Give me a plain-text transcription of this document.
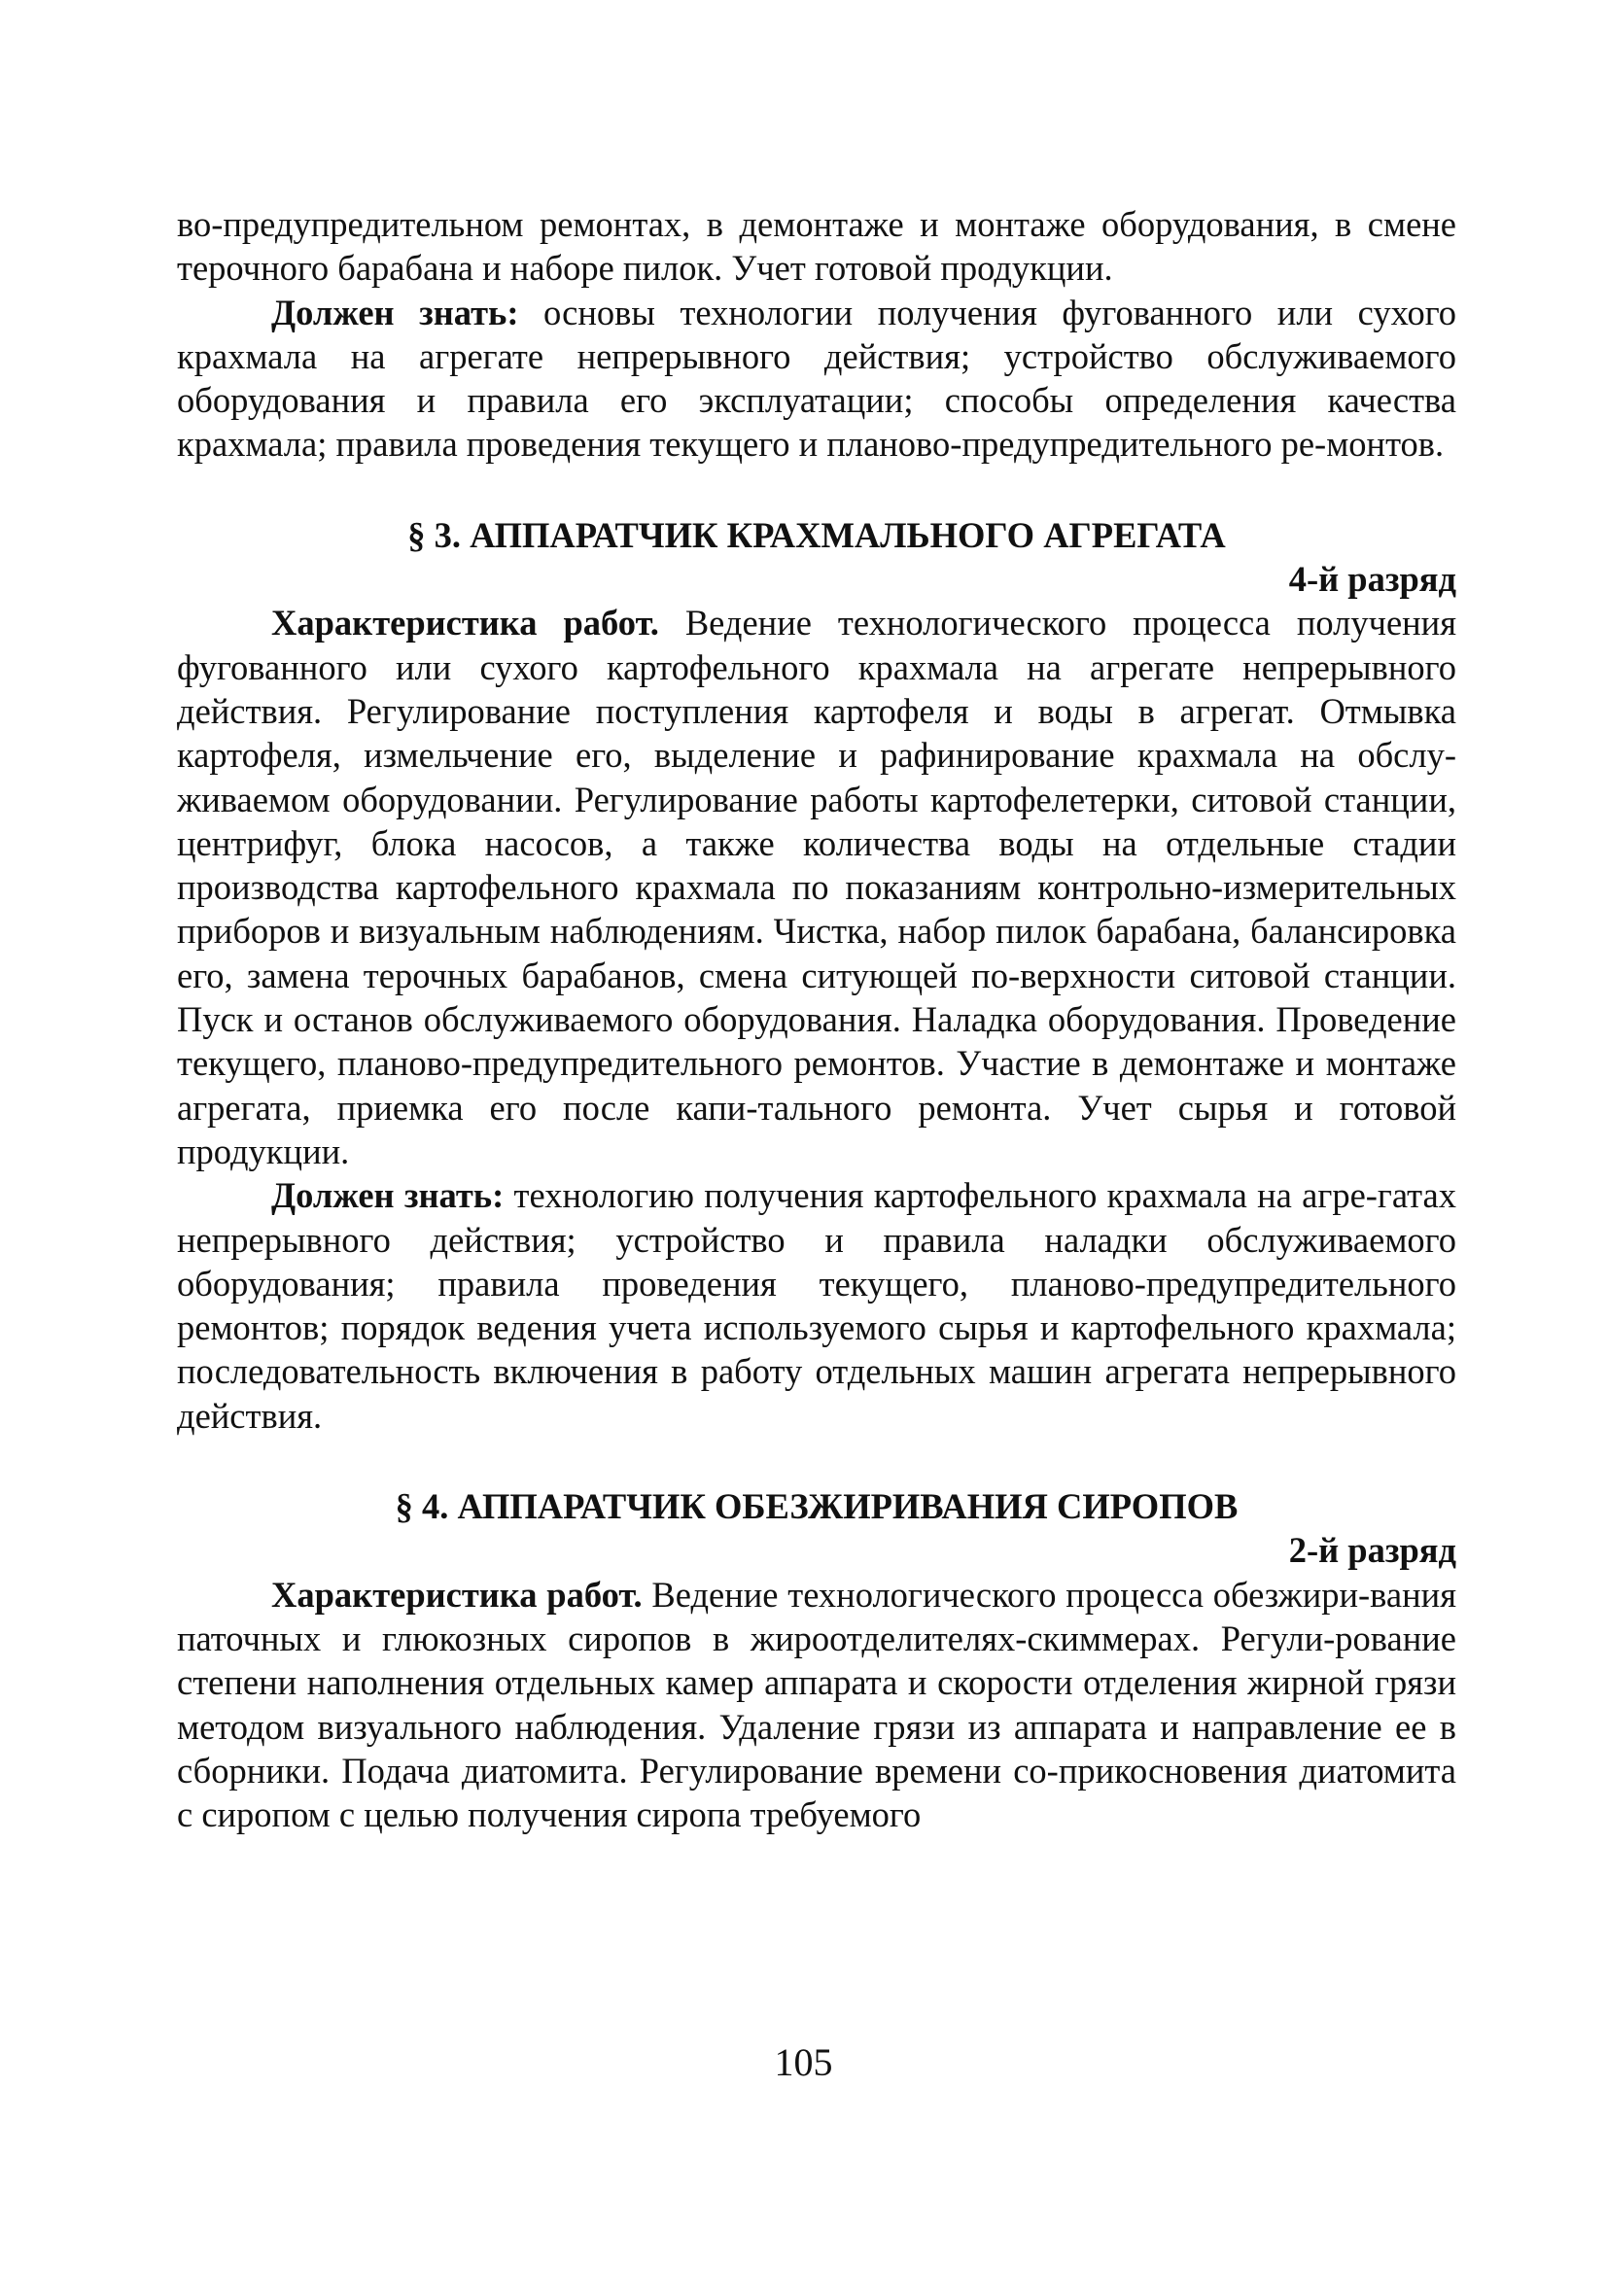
во-предупредительном ремонтах, в демонтаже и монтаже оборудования, в смене терочного барабана и наборе пилок. Учет готовой продукции.

Должен знать: основы технологии получения фугованного или сухого крахмала на агрегате непрерывного действия; устройство обслуживаемого оборудования и правила его эксплуатации; способы определения качества крахмала; правила проведения текущего и планово-предупредительного ре-монтов.

§ 3. АППАРАТЧИК КРАХМАЛЬНОГО АГРЕГАТА
4-й разряд

Характеристика работ. Ведение технологического процесса получения фугованного или сухого картофельного крахмала на агрегате непрерывного действия. Регулирование поступления картофеля и воды в агрегат. Отмывка картофеля, измельчение его, выделение и рафинирование крахмала на обслу-живаемом оборудовании. Регулирование работы картофелетерки, ситовой станции, центрифуг, блока насосов, а также количества воды на отдельные стадии производства картофельного крахмала по показаниям контрольно-измерительных приборов и визуальным наблюдениям. Чистка, набор пилок барабана, балансировка его, замена терочных барабанов, смена ситующей по-верхности ситовой станции. Пуск и останов обслуживаемого оборудования. Наладка оборудования. Проведение текущего, планово-предупредительного ремонтов. Участие в демонтаже и монтаже агрегата, приемка его после капи-тального ремонта. Учет сырья и готовой продукции.

Должен знать: технологию получения картофельного крахмала на агре-гатах непрерывного действия; устройство и правила наладки обслуживаемого оборудования; правила проведения текущего, планово-предупредительного ремонтов; порядок ведения учета используемого сырья и картофельного крахмала; последовательность включения в работу отдельных машин агрегата непрерывного действия.

§ 4. АППАРАТЧИК ОБЕЗЖИРИВАНИЯ СИРОПОВ
2-й разряд

Характеристика работ. Ведение технологического процесса обезжири-вания паточных и глюкозных сиропов в жироотделителях-скиммерах. Регули-рование степени наполнения отдельных камер аппарата и скорости отделения жирной грязи методом визуального наблюдения. Удаление грязи из аппарата и направление ее в сборники. Подача диатомита. Регулирование времени со-прикосновения диатомита с сиропом с целью получения сиропа требуемого

105
